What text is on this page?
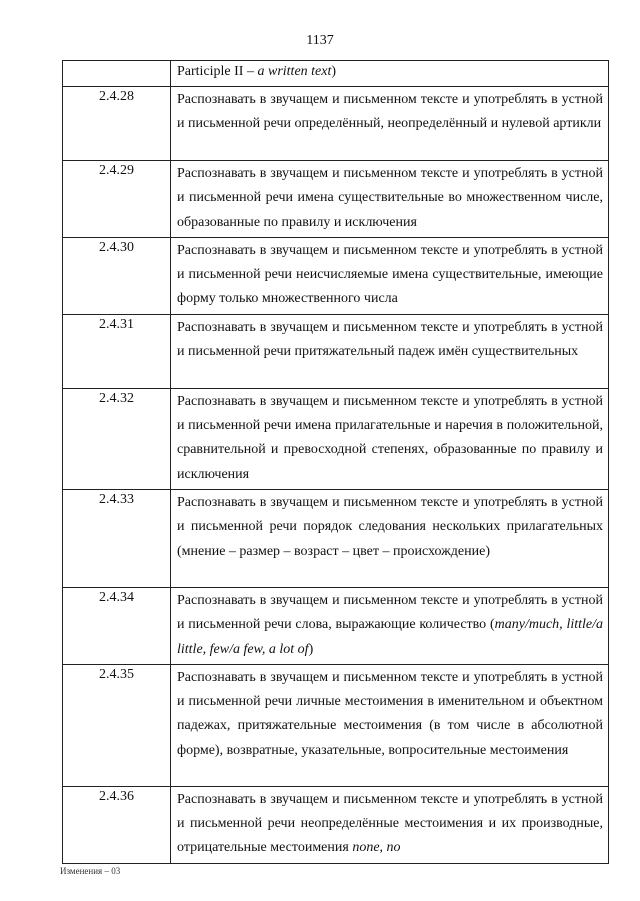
1137

	Participle II – a written text)

2.4.28	Распознавать в звучащем и письменном тексте и употреблять в устной и письменной речи определённый, неопределённый и нулевой артикли

2.4.29	Распознавать в звучащем и письменном тексте и употреблять в устной и письменной речи имена существительные во множественном числе, образованные по правилу и исключения

2.4.30	Распознавать в звучащем и письменном тексте и употреблять в устной и письменной речи неисчисляемые имена существительные, имеющие форму только множественного числа

2.4.31	Распознавать в звучащем и письменном тексте и употреблять в устной и письменной речи притяжательный падеж имён существительных

2.4.32	Распознавать в звучащем и письменном тексте и употреблять в устной и письменной речи имена прилагательные и наречия в положительной, сравнительной и превосходной степенях, образованные по правилу и исключения

2.4.33	Распознавать в звучащем и письменном тексте и употреблять в устной и письменной речи порядок следования нескольких прилагательных (мнение – размер – возраст – цвет – происхождение)

2.4.34	Распознавать в звучащем и письменном тексте и употреблять в устной и письменной речи слова, выражающие количество (many/much, little/a little, few/a few, a lot of)

2.4.35	Распознавать в звучащем и письменном тексте и употреблять в устной и письменной речи личные местоимения в именительном и объектном падежах, притяжательные местоимения (в том числе в абсолютной форме), возвратные, указательные, вопросительные местоимения

2.4.36	Распознавать в звучащем и письменном тексте и употреблять в устной и письменной речи неопределённые местоимения и их производные, отрицательные местоимения none, no
Изменения – 03
